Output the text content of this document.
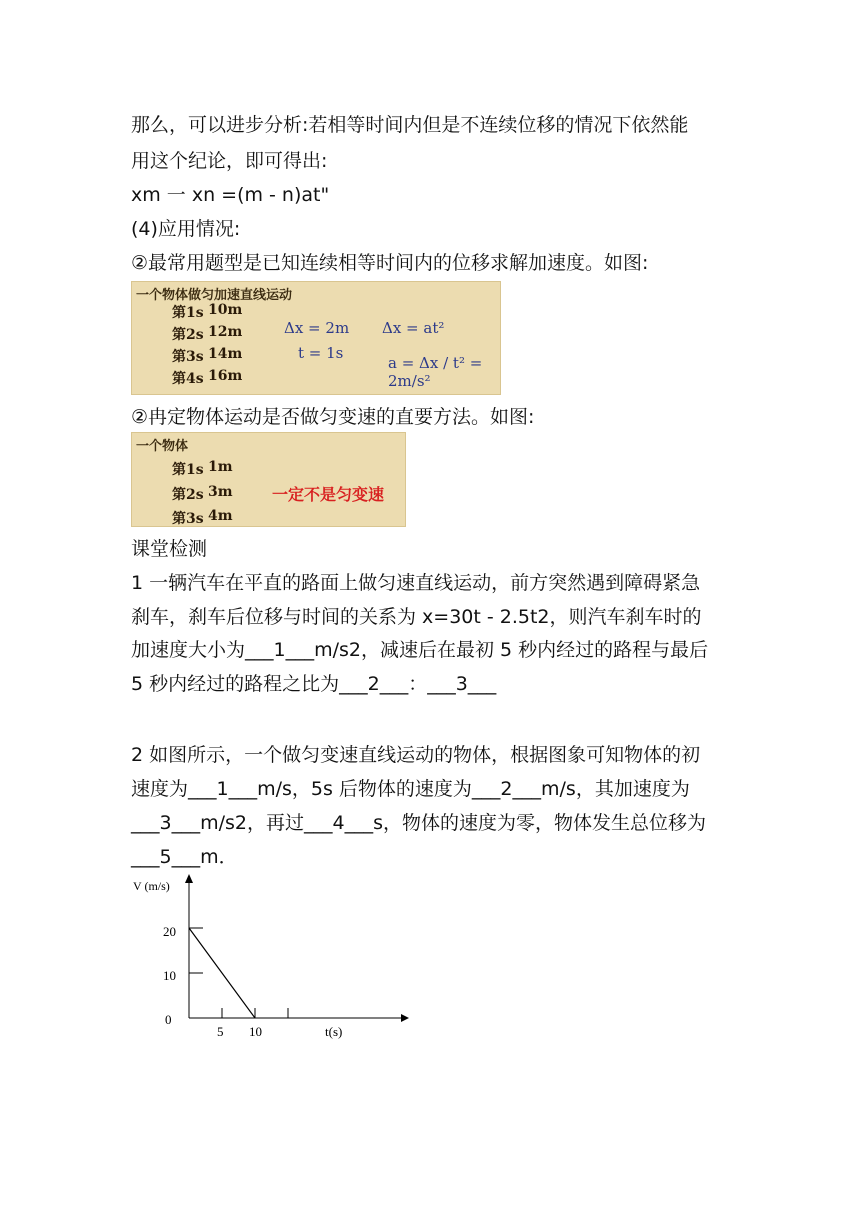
那么，可以进步分析:若相等时间内但是不连续位移的情况下依然能
用这个纪论，即可得出:
xm 一 xn =(m - n)at"
(4)应用情况:
②最常用题型是已知连续相等时间内的位移求解加速度。如图:
一个物体做匀加速直线运动
第1s 10m
第2s 12m
第3s 14m
第4s 16m
Δx = 2m
t = 1s
Δx = at²
a = Δx / t² = 2m/s²
②冉定物体运动是否做匀变速的直要方法。如图:
一个物体
第1s 1m
第2s 3m
第3s 4m
一定不是匀变速
课堂检测
1 一辆汽车在平直的路面上做匀速直线运动，前方突然遇到障碍紧急
刹车，刹车后位移与时间的关系为 x=30t - 2.5t2，则汽车刹车时的
加速度大小为___1___m/s2，减速后在最初 5 秒内经过的路程与最后
5 秒内经过的路程之比为___2___：___3___
2 如图所示，一个做匀变速直线运动的物体，根据图象可知物体的初
速度为___1___m/s，5s 后物体的速度为___2___m/s，其加速度为
___3___m/s2，再过___4___s，物体的速度为零，物体发生总位移为
___5___m．
V (m/s)
t(s)
20
10
0
5 10
